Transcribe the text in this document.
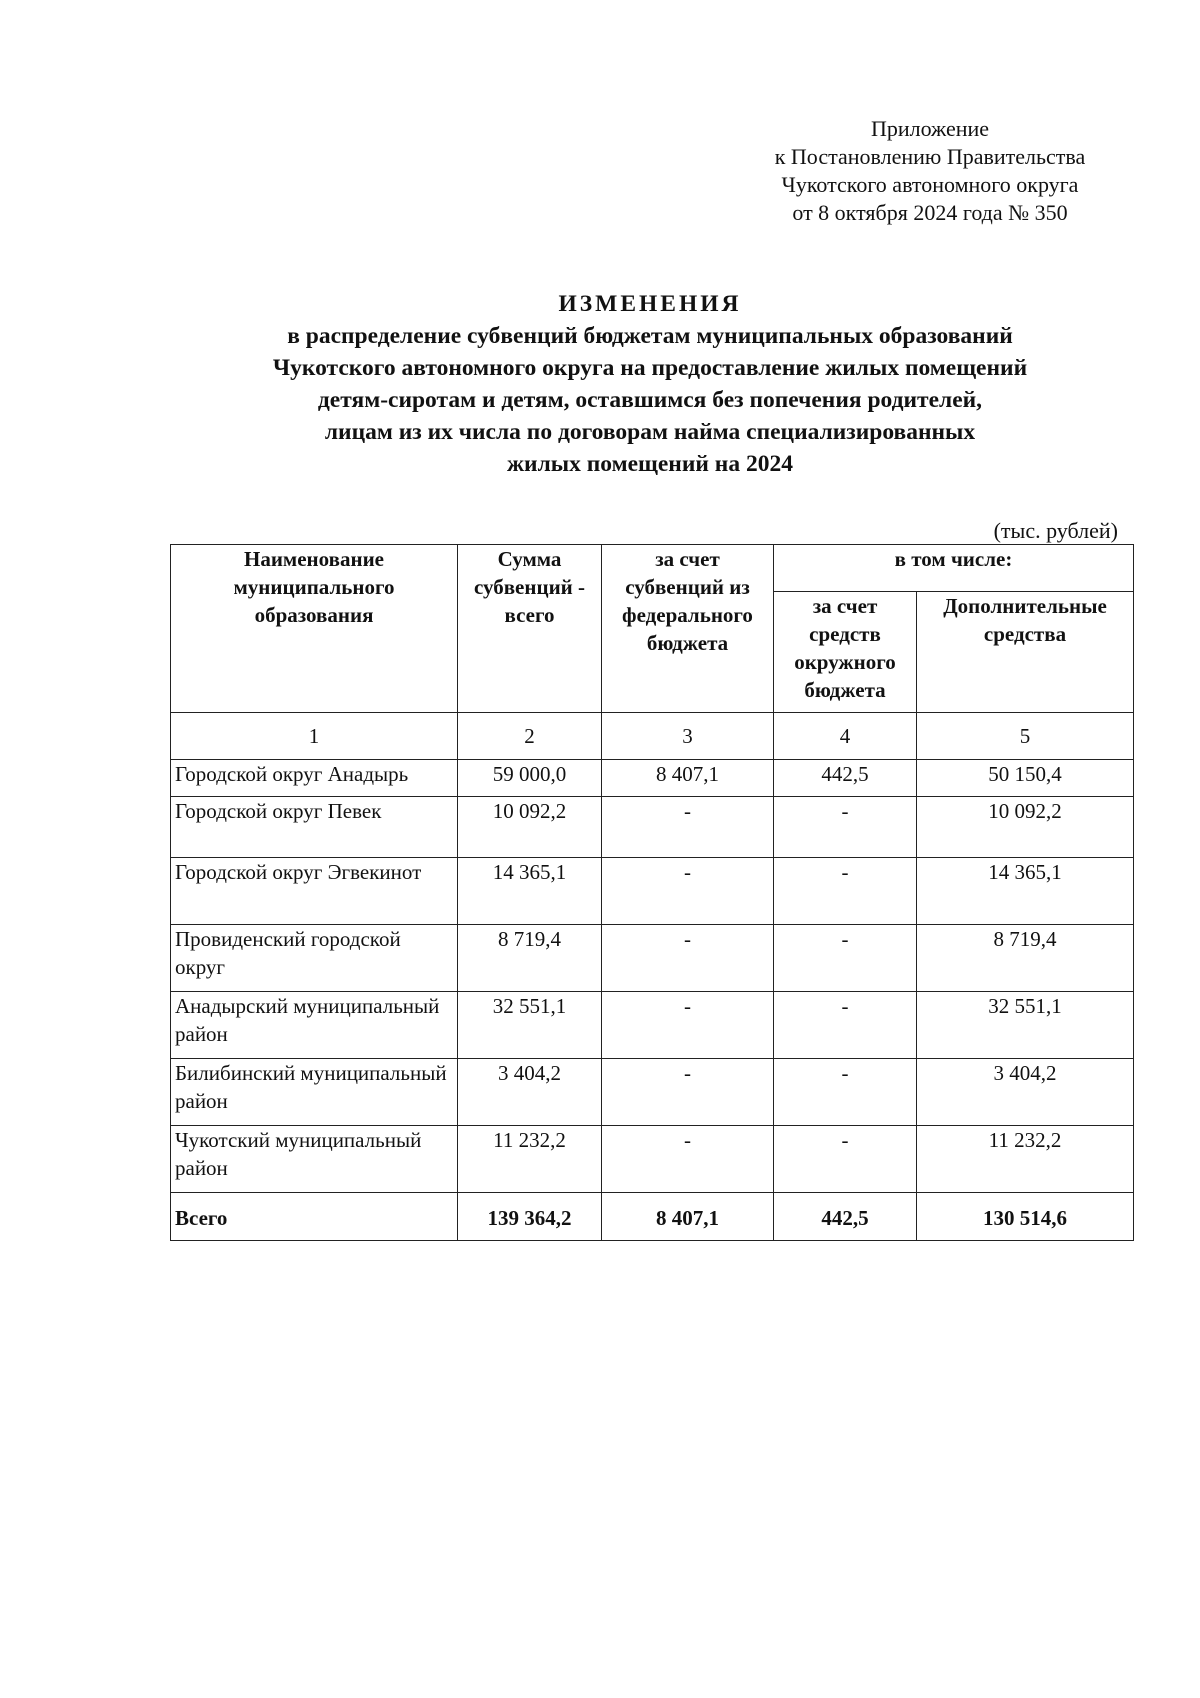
Приложение
к Постановлению Правительства
Чукотского автономного округа
от 8 октября 2024 года № 350
ИЗМЕНЕНИЯ
в распределение субвенций бюджетам муниципальных образований
Чукотского автономного округа на предоставление жилых помещений
детям-сиротам и детям, оставшимся без попечения родителей,
лицам из их числа по договорам найма специализированных
жилых помещений на 2024
(тыс. рублей)
Наименование муниципального образования	Сумма субвенций - всего	за счет субвенций из федерального бюджета	в том числе:	
			за счет средств окружного бюджета	Дополнительные средства
1	2	3	4	5
Городской округ Анадырь	59 000,0	8 407,1	442,5	50 150,4
Городской округ Певек	10 092,2	-	-	10 092,2
Городской округ Эгвекинот	14 365,1	-	-	14 365,1
Провиденский городской округ	8 719,4	-	-	8 719,4
Анадырский муниципальный район	32 551,1	-	-	32 551,1
Билибинский муниципальный район	3 404,2	-	-	3 404,2
Чукотский муниципальный район	11 232,2	-	-	11 232,2
Всего	139 364,2	8 407,1	442,5	130 514,6
